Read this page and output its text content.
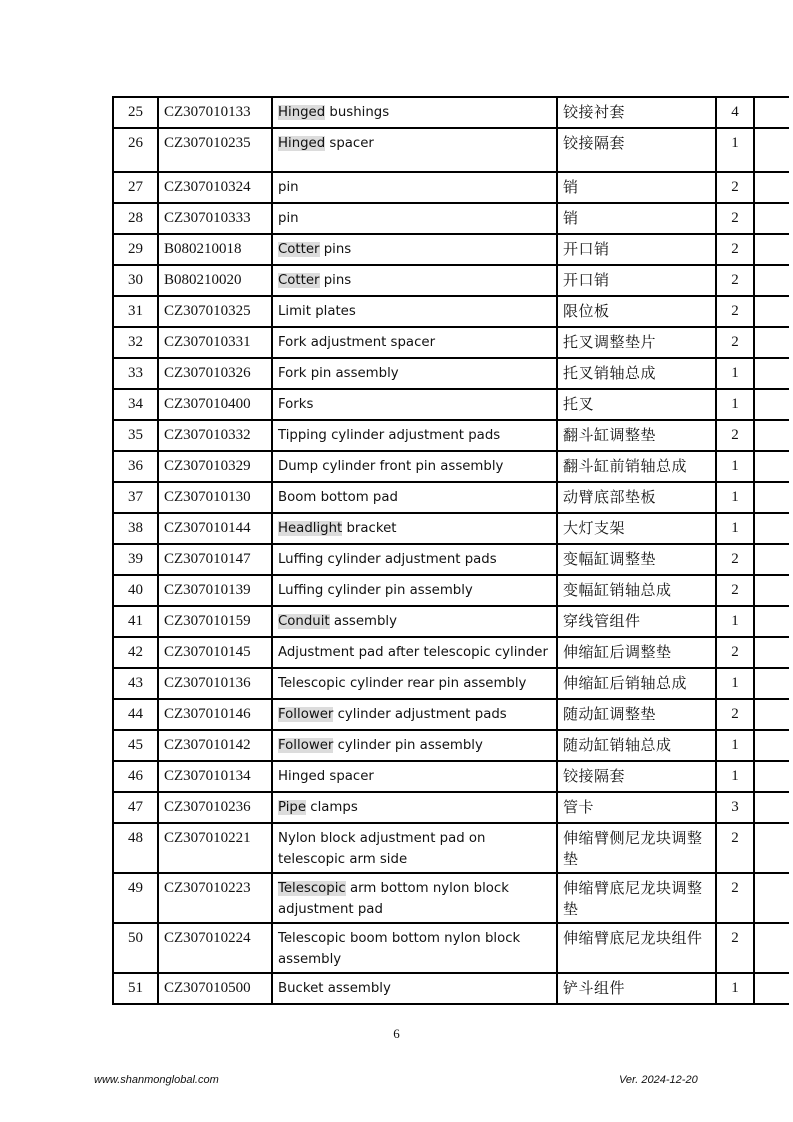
25	CZ307010133	Hinged bushings	铰接衬套	4	
26	CZ307010235	Hinged spacer	铰接隔套	1	
27	CZ307010324	pin	销	2	
28	CZ307010333	pin	销	2	
29	B080210018	Cotter pins	开口销	2	
30	B080210020	Cotter pins	开口销	2	
31	CZ307010325	Limit plates	限位板	2	
32	CZ307010331	Fork adjustment spacer	托叉调整垫片	2	
33	CZ307010326	Fork pin assembly	托叉销轴总成	1	
34	CZ307010400	Forks	托叉	1	
35	CZ307010332	Tipping cylinder adjustment pads	翻斗缸调整垫	2	
36	CZ307010329	Dump cylinder front pin assembly	翻斗缸前销轴总成	1	
37	CZ307010130	Boom bottom pad	动臂底部垫板	1	
38	CZ307010144	Headlight bracket	大灯支架	1	
39	CZ307010147	Luffing cylinder adjustment pads	变幅缸调整垫	2	
40	CZ307010139	Luffing cylinder pin assembly	变幅缸销轴总成	2	
41	CZ307010159	Conduit assembly	穿线管组件	1	
42	CZ307010145	Adjustment pad after telescopic cylinder	伸缩缸后调整垫	2	
43	CZ307010136	Telescopic cylinder rear pin assembly	伸缩缸后销轴总成	1	
44	CZ307010146	Follower cylinder adjustment pads	随动缸调整垫	2	
45	CZ307010142	Follower cylinder pin assembly	随动缸销轴总成	1	
46	CZ307010134	Hinged spacer	铰接隔套	1	
47	CZ307010236	Pipe clamps	管卡	3	
48	CZ307010221	Nylon block adjustment pad on telescopic arm side	伸缩臂侧尼龙块调整垫	2	
49	CZ307010223	Telescopic arm bottom nylon block adjustment pad	伸缩臂底尼龙块调整垫	2	
50	CZ307010224	Telescopic boom bottom nylon block assembly	伸缩臂底尼龙块组件	2	
51	CZ307010500	Bucket assembly	铲斗组件	1	
6
www.shanmonglobal.com	Ver. 2024-12-20
